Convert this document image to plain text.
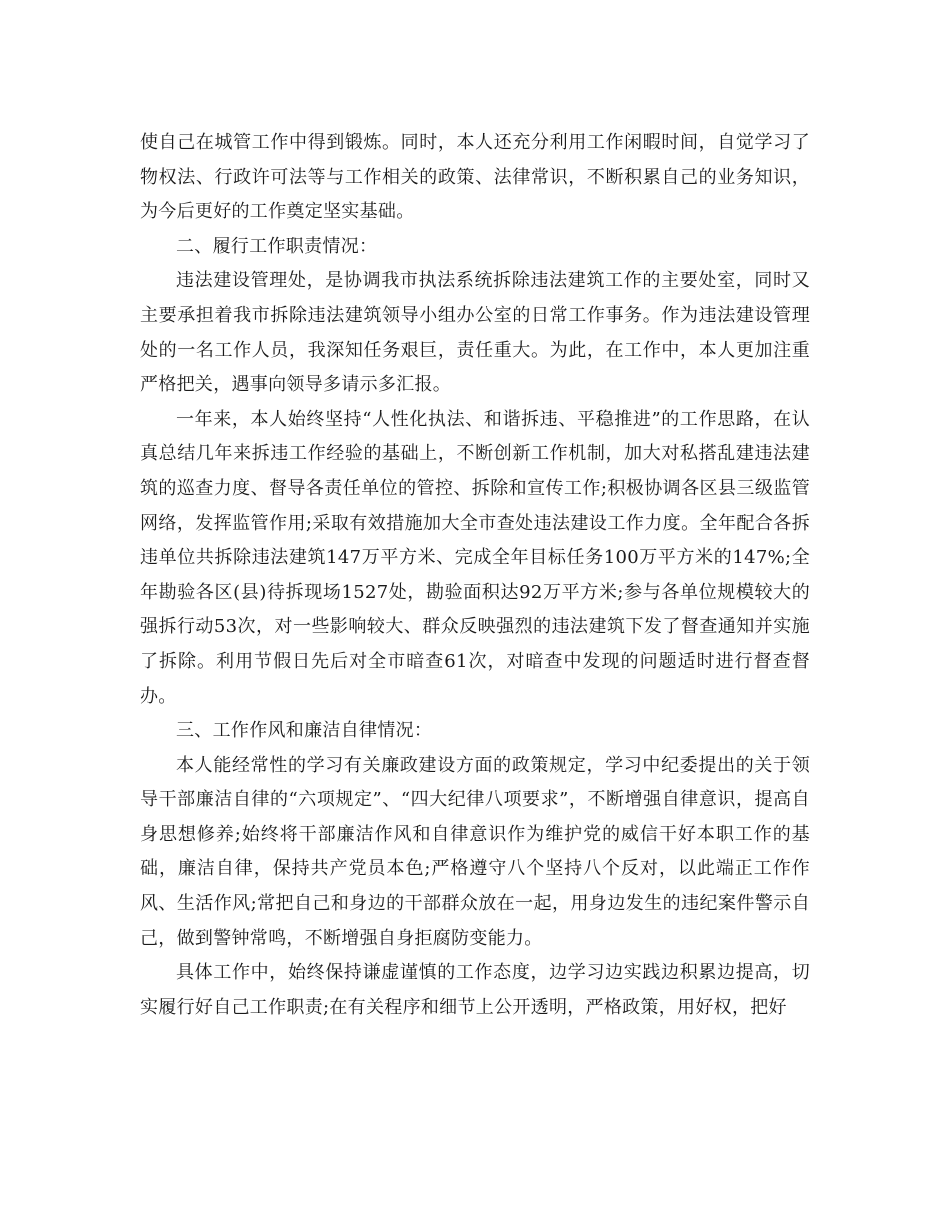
使自己在城管工作中得到锻炼。同时，本人还充分利用工作闲暇时间，自觉学习了物权法、行政许可法等与工作相关的政策、法律常识，不断积累自己的业务知识，为今后更好的工作奠定坚实基础。

二、履行工作职责情况：

违法建设管理处，是协调我市执法系统拆除违法建筑工作的主要处室，同时又主要承担着我市拆除违法建筑领导小组办公室的日常工作事务。作为违法建设管理处的一名工作人员，我深知任务艰巨，责任重大。为此，在工作中，本人更加注重严格把关，遇事向领导多请示多汇报。

一年来，本人始终坚持“人性化执法、和谐拆违、平稳推进”的工作思路，在认真总结几年来拆违工作经验的基础上，不断创新工作机制，加大对私搭乱建违法建筑的巡查力度、督导各责任单位的管控、拆除和宣传工作;积极协调各区县三级监管网络，发挥监管作用;采取有效措施加大全市查处违法建设工作力度。全年配合各拆违单位共拆除违法建筑147万平方米、完成全年目标任务100万平方米的147%;全年勘验各区(县)待拆现场1527处，勘验面积达92万平方米;参与各单位规模较大的强拆行动53次，对一些影响较大、群众反映强烈的违法建筑下发了督查通知并实施了拆除。利用节假日先后对全市暗查61次，对暗查中发现的问题适时进行督查督办。

三、工作作风和廉洁自律情况：

本人能经常性的学习有关廉政建设方面的政策规定，学习中纪委提出的关于领导干部廉洁自律的“六项规定”、“四大纪律八项要求”，不断增强自律意识，提高自身思想修养;始终将干部廉洁作风和自律意识作为维护党的威信干好本职工作的基础，廉洁自律，保持共产党员本色;严格遵守八个坚持八个反对，以此端正工作作风、生活作风;常把自己和身边的干部群众放在一起，用身边发生的违纪案件警示自己，做到警钟常鸣，不断增强自身拒腐防变能力。

具体工作中，始终保持谦虚谨慎的工作态度，边学习边实践边积累边提高，切实履行好自己工作职责;在有关程序和细节上公开透明，严格政策，用好权，把好
